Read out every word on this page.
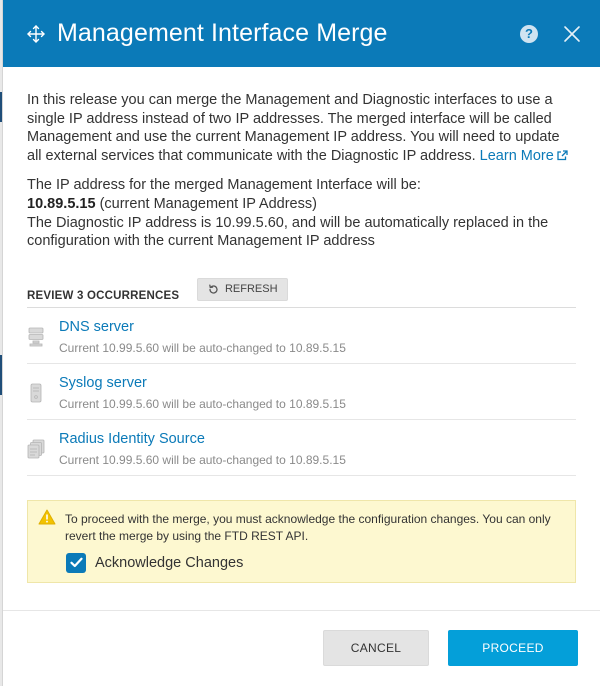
Management Interface Merge	?

In this release you can merge the Management and Diagnostic interfaces to use a single IP address instead of two IP addresses. The merged interface will be called Management and use the current Management IP address. You will need to update all external services that communicate with the Diagnostic IP address. Learn More

The IP address for the merged Management Interface will be:
10.89.5.15 (current Management IP Address)
The Diagnostic IP address is 10.99.5.60, and will be automatically replaced in the configuration with the current Management IP address
REVIEW 3 OCCURRENCES
REFRESH
DNS server
Current 10.99.5.60 will be auto-changed to 10.89.5.15
Syslog server
Current 10.99.5.60 will be auto-changed to 10.89.5.15
Radius Identity Source
Current 10.99.5.60 will be auto-changed to 10.89.5.15
To proceed with the merge, you must acknowledge the configuration changes. You can only revert the merge by using the FTD REST API.
Acknowledge Changes
CANCEL	PROCEED
